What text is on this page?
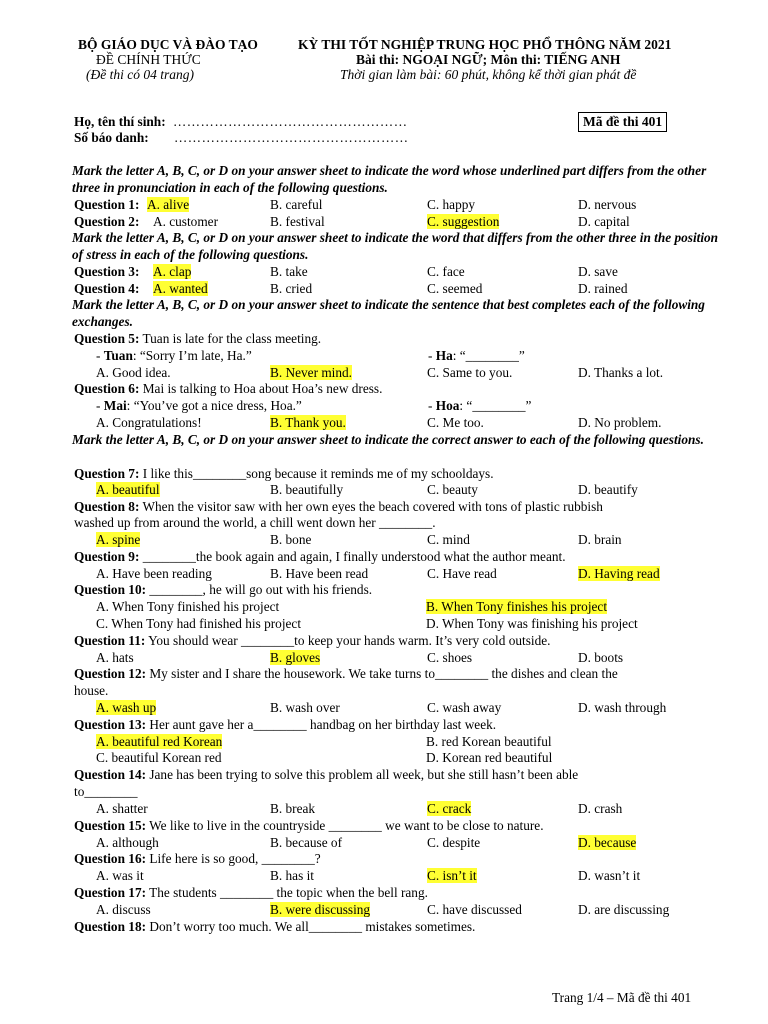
BỘ GIÁO DỤC VÀ ĐÀO TẠO
ĐỀ CHÍNH THỨC
(Đề thi có 04 trang)
KỲ THI TỐT NGHIỆP TRUNG HỌC PHỔ THÔNG NĂM 2021
Bài thi: NGOẠI NGỮ; Môn thi: TIẾNG ANH
Thời gian làm bài: 60 phút, không kể thời gian phát đề
Họ, tên thí sinh: ……………………………………………
Số báo danh: ……………………………………………
Mã đề thi 401
Mark the letter A, B, C, or D on your answer sheet to indicate the word whose underlined part differs from the other three in pronunciation in each of the following questions.
Question 1: A. alive	B. careful	C. happy	D. nervous
Question 2: A. customer	B. festival	C. suggestion	D. capital
Mark the letter A, B, C, or D on your answer sheet to indicate the word that differs from the other three in the position of stress in each of the following questions.
Question 3: A. clap	B. take	C. face	D. save
Question 4: A. wanted	B. cried	C. seemed	D. rained
Mark the letter A, B, C, or D on your answer sheet to indicate the sentence that best completes each of the following exchanges.
Question 5: Tuan is late for the class meeting.
- Tuan: “Sorry I’m late, Ha.”	- Ha: “________”
A. Good idea.	B. Never mind.	C. Same to you.	D. Thanks a lot.
Question 6: Mai is talking to Hoa about Hoa’s new dress.
- Mai: “You’ve got a nice dress, Hoa.”	- Hoa: “________”
A. Congratulations!	B. Thank you.	C. Me too.	D. No problem.
Mark the letter A, B, C, or D on your answer sheet to indicate the correct answer to each of the following questions.
Question 7: I like this________song because it reminds me of my schooldays.
A. beautiful	B. beautifully	C. beauty	D. beautify
Question 8: When the visitor saw with her own eyes the beach covered with tons of plastic rubbish
washed up from around the world, a chill went down her ________.
A. spine	B. bone	C. mind	D. brain
Question 9: ________the book again and again, I finally understood what the author meant.
A. Have been reading	B. Have been read	C. Have read	D. Having read
Question 10: ________, he will go out with his friends.
A. When Tony finished his project	B. When Tony finishes his project
C. When Tony had finished his project	D. When Tony was finishing his project
Question 11: You should wear ________to keep your hands warm. It’s very cold outside.
A. hats	B. gloves	C. shoes	D. boots
Question 12: My sister and I share the housework. We take turns to________ the dishes and clean the
house.
A. wash up	B. wash over	C. wash away	D. wash through
Question 13: Her aunt gave her a________ handbag on her birthday last week.
A. beautiful red Korean	B. red Korean beautiful
C. beautiful Korean red	D. Korean red beautiful
Question 14: Jane has been trying to solve this problem all week, but she still hasn’t been able
to________
A. shatter	B. break	C. crack	D. crash
Question 15: We like to live in the countryside ________ we want to be close to nature.
A. although	B. because of	C. despite	D. because
Question 16: Life here is so good, ________?
A. was it	B. has it	C. isn’t it	D. wasn’t it
Question 17: The students ________ the topic when the bell rang.
A. discuss	B. were discussing	C. have discussed	D. are discussing
Question 18: Don’t worry too much. We all________ mistakes sometimes.
Trang 1/4 – Mã đề thi 401
